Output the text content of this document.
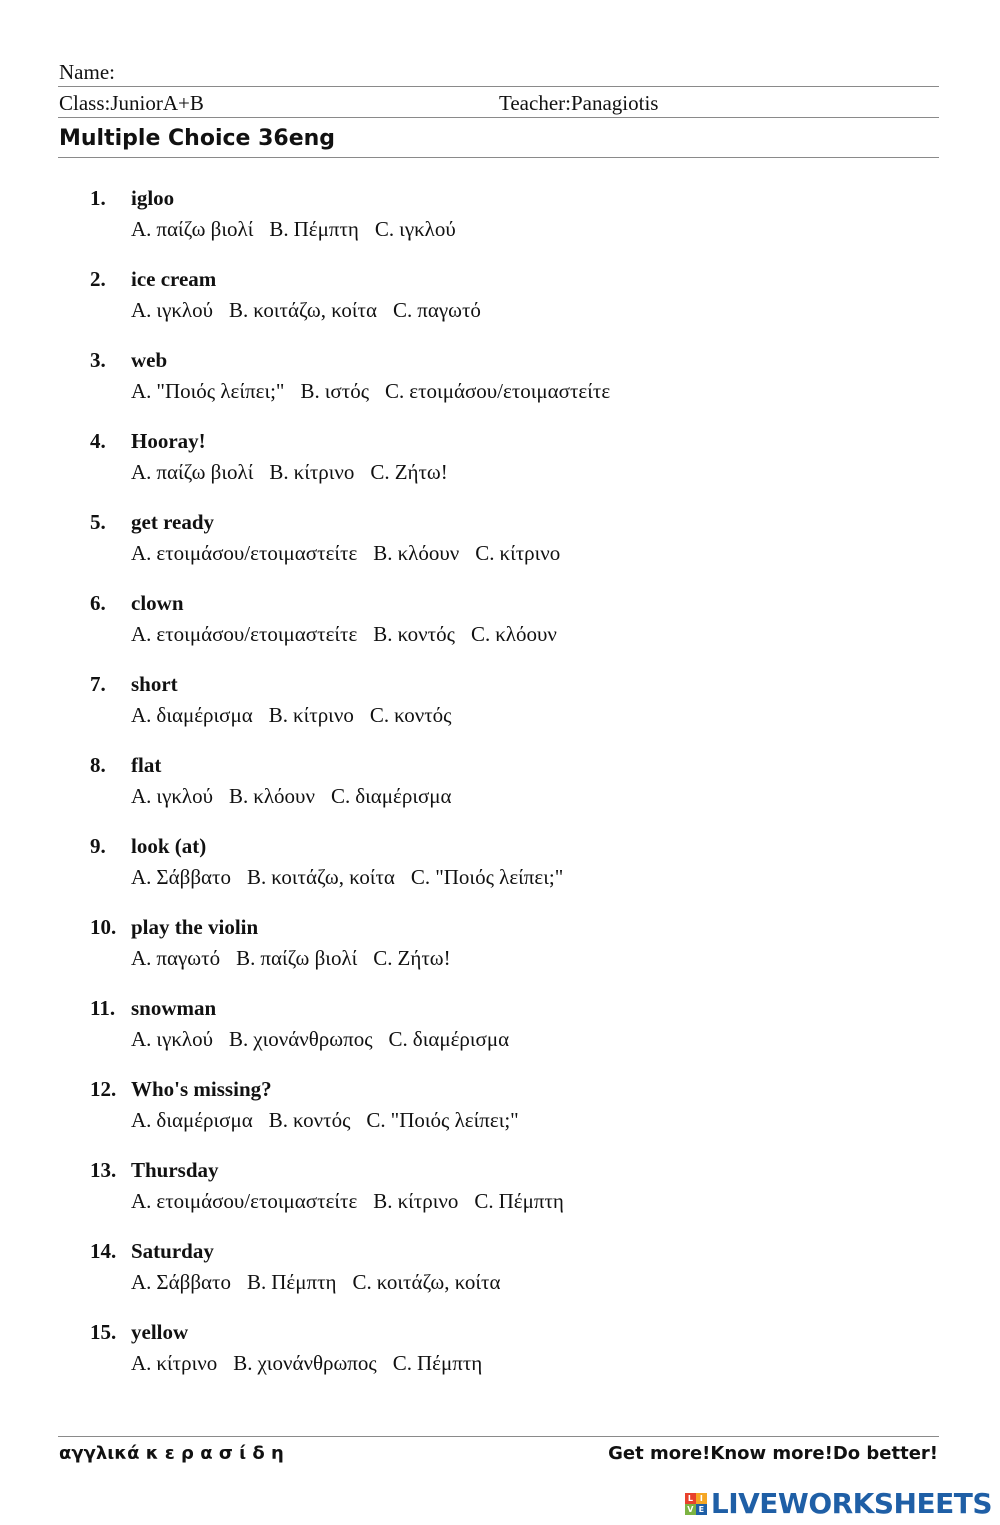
Name:
Class:JuniorA+B	Teacher:Panagiotis
Multiple Choice 36eng
1. igloo
A. παίζω βιολί B. Πέμπτη C. ιγκλού
2. ice cream
A. ιγκλού B. κοιτάζω, κοίτα C. παγωτό
3. web
A. "Ποιός λείπει;" B. ιστός C. ετοιμάσου/ετοιμαστείτε
4. Hooray!
A. παίζω βιολί B. κίτρινο C. Ζήτω!
5. get ready
A. ετοιμάσου/ετοιμαστείτε B. κλόουν C. κίτρινο
6. clown
A. ετοιμάσου/ετοιμαστείτε B. κοντός C. κλόουν
7. short
A. διαμέρισμα B. κίτρινο C. κοντός
8. flat
A. ιγκλού B. κλόουν C. διαμέρισμα
9. look (at)
A. Σάββατο B. κοιτάζω, κοίτα C. "Ποιός λείπει;"
10. play the violin
A. παγωτό B. παίζω βιολί C. Ζήτω!
11. snowman
A. ιγκλού B. χιονάνθρωπος C. διαμέρισμα
12. Who's missing?
A. διαμέρισμα B. κοντός C. "Ποιός λείπει;"
13. Thursday
A. ετοιμάσου/ετοιμαστείτε B. κίτρινο C. Πέμπτη
14. Saturday
A. Σάββατο B. Πέμπτη C. κοιτάζω, κοίτα
15. yellow
A. κίτρινο B. χιονάνθρωπος C. Πέμπτη
αγγλικά κ ε ρ α σ ί δ η	Get more!Know more!Do better!
L I
V E LIVEWORKSHEETS
